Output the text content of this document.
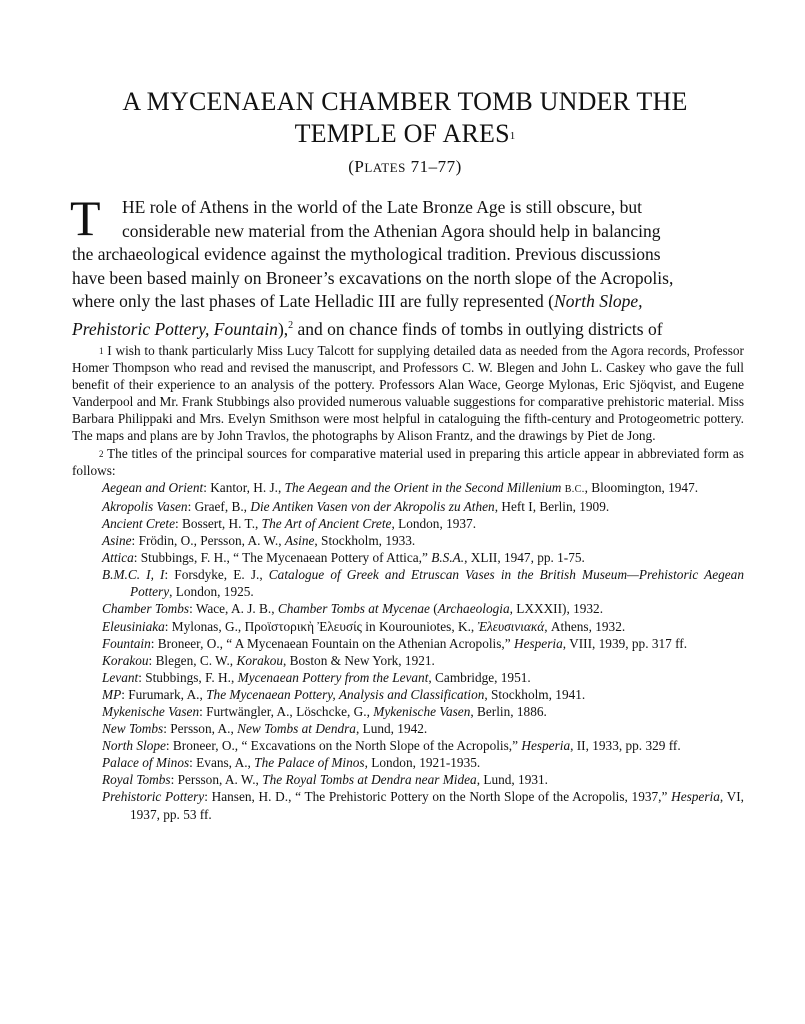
A MYCENAEAN CHAMBER TOMB UNDER THE
TEMPLE OF ARES$^1$
(PLATES 71–77)
T HE role of Athens in the world of the Late Bronze Age is still obscure, but
considerable new material from the Athenian Agora should help in balancing
the archaeological evidence against the mythological tradition. Previous discussions
have been based mainly on Broneer’s excavations on the north slope of the Acropolis,
where only the last phases of Late Helladic III are fully represented (North Slope,
Prehistoric Pottery, Fountain),$^2$ and on chance finds of tombs in outlying districts of

$^1$ I wish to thank particularly Miss Lucy Talcott for supplying detailed data as needed from the Agora records, Professor Homer Thompson who read and revised the manuscript, and Professors C. W. Blegen and John L. Caskey who gave the full benefit of their experience to an analysis of the pottery. Professors Alan Wace, George Mylonas, Eric Sjöqvist, and Eugene Vanderpool and Mr. Frank Stubbings also provided numerous valuable suggestions for comparative prehistoric material. Miss Barbara Philippaki and Mrs. Evelyn Smithson were most helpful in cataloguing the fifth-century and Protogeometric pottery. The maps and plans are by John Travlos, the photographs by Alison Frantz, and the drawings by Piet de Jong.

$^2$ The titles of the principal sources for comparative material used in preparing this article appear in abbreviated form as follows:

Aegean and Orient: Kantor, H. J., The Aegean and the Orient in the Second Millenium B.C., Bloomington, 1947.

Akropolis Vasen: Graef, B., Die Antiken Vasen von der Akropolis zu Athen, Heft I, Berlin, 1909.

Ancient Crete: Bossert, H. T., The Art of Ancient Crete, London, 1937.

Asine: Frödin, O., Persson, A. W., Asine, Stockholm, 1933.

Attica: Stubbings, F. H., “ The Mycenaean Pottery of Attica,” B.S.A., XLII, 1947, pp. 1-75.

B.M.C. I, I: Forsdyke, E. J., Catalogue of Greek and Etruscan Vases in the British Museum—Prehistoric Aegean Pottery, London, 1925.

Chamber Tombs: Wace, A. J. B., Chamber Tombs at Mycenae (Archaeologia, LXXXII), 1932.

Eleusiniaka: Mylonas, G., Προϊστορικὴ Ἐλευσίς in Kourouniotes, K., Ἐλευσινιακά, Athens, 1932.

Fountain: Broneer, O., “ A Mycenaean Fountain on the Athenian Acropolis,” Hesperia, VIII, 1939, pp. 317 ff.

Korakou: Blegen, C. W., Korakou, Boston & New York, 1921.

Levant: Stubbings, F. H., Mycenaean Pottery from the Levant, Cambridge, 1951.

MP: Furumark, A., The Mycenaean Pottery, Analysis and Classification, Stockholm, 1941.

Mykenische Vasen: Furtwängler, A., Löschcke, G., Mykenische Vasen, Berlin, 1886.

New Tombs: Persson, A., New Tombs at Dendra, Lund, 1942.

North Slope: Broneer, O., “ Excavations on the North Slope of the Acropolis,” Hesperia, II, 1933, pp. 329 ff.

Palace of Minos: Evans, A., The Palace of Minos, London, 1921-1935.

Royal Tombs: Persson, A. W., The Royal Tombs at Dendra near Midea, Lund, 1931.

Prehistoric Pottery: Hansen, H. D., “ The Prehistoric Pottery on the North Slope of the Acropolis, 1937,” Hesperia, VI, 1937, pp. 53 ff.
